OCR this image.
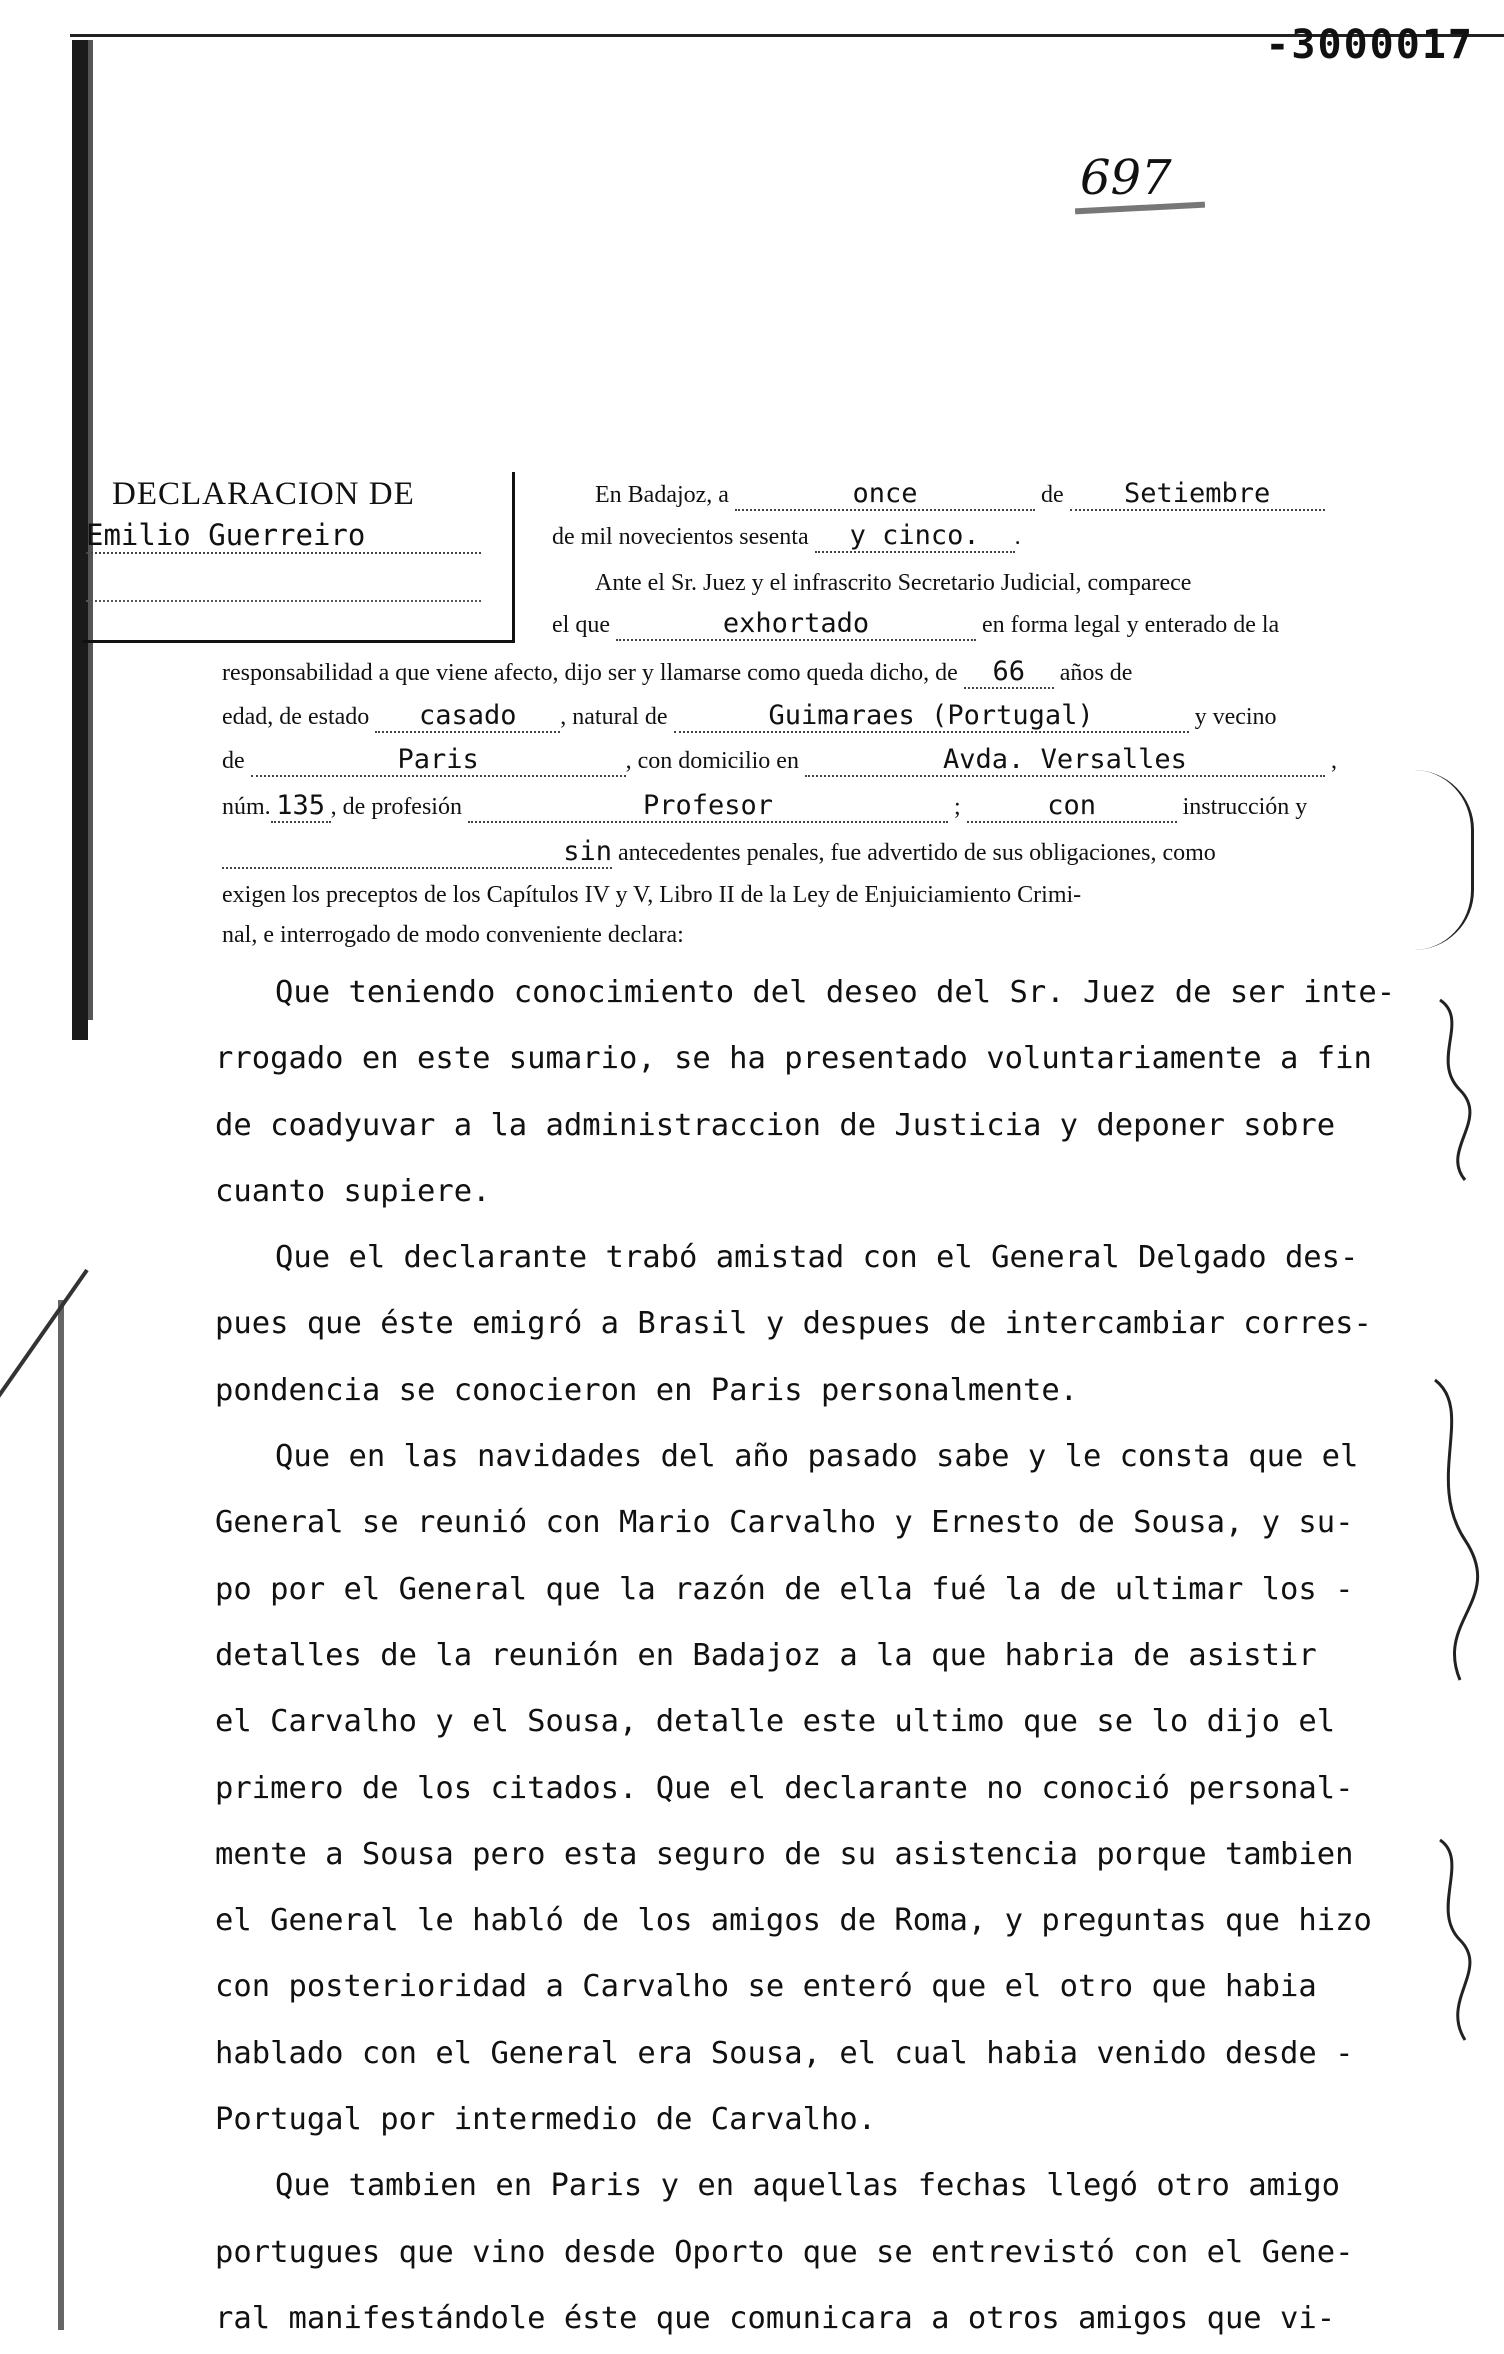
-3000017
697
DECLARACION DE
Emilio Guerreiro
En Badajoz, a	once	de Setiembre
de mil novecientos sesenta y cinco. .
Ante el Sr. Juez y el infrascrito Secretario Judicial, comparece
el que	exhortado	en forma legal y enterado de la
responsabilidad a que viene afecto, dijo ser y llamarse como queda dicho, de 66 años de
edad, de estado casado , natural de	Guimaraes (Portugal)	y vecino
de	Paris	, con domicilio en	Avda. Versalles	,
núm. 135 , de profesión	Profesor	;	con	instrucción y
sin antecedentes penales, fue advertido de sus obligaciones, como
exigen los preceptos de los Capítulos IV y V, Libro II de la Ley de Enjuiciamiento Crimi-
nal, e interrogado de modo conveniente declara:

Que teniendo conocimiento del deseo del Sr. Juez de ser inte-

rrogado en este sumario, se ha presentado voluntariamente a fin

de coadyuvar a la administraccion de Justicia y deponer sobre

cuanto supiere.

Que el declarante trabó amistad con el General Delgado des-

pues que éste emigró a Brasil y despues de intercambiar corres-

pondencia se conocieron en Paris personalmente.

Que en las navidades del año pasado sabe y le consta que el

General se reunió con Mario Carvalho y Ernesto de Sousa, y su-

po por el General que la razón de ella fué la de ultimar los -

detalles de la reunión en Badajoz a la que habria de asistir

el Carvalho y el Sousa, detalle este ultimo que se lo dijo el

primero de los citados. Que el declarante no conoció personal-

mente a Sousa pero esta seguro de su asistencia porque tambien

el General le habló de los amigos de Roma, y preguntas que hizo

con posterioridad a Carvalho se enteró que el otro que habia

hablado con el General era Sousa, el cual habia venido desde -

Portugal por intermedio de Carvalho.

Que tambien en Paris y en aquellas fechas llegó otro amigo

portugues que vino desde Oporto que se entrevistó con el Gene-

ral manifestándole éste que comunicara a otros amigos que vi-
